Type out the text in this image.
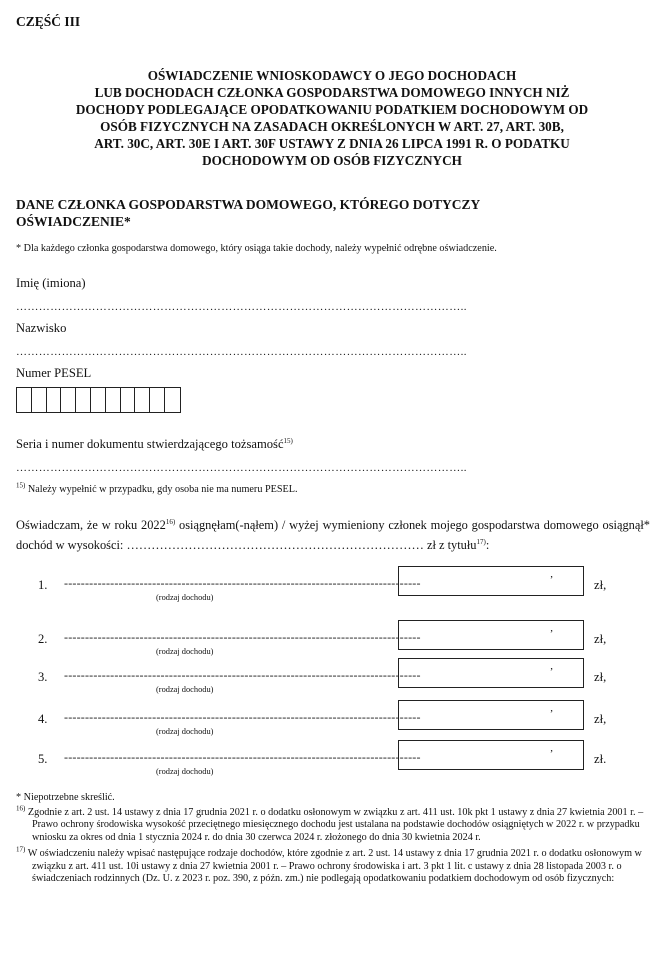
CZĘŚĆ III
OŚWIADCZENIE WNIOSKODAWCY O JEGO DOCHODACH
LUB DOCHODACH CZŁONKA GOSPODARSTWA DOMOWEGO INNYCH NIŻ
DOCHODY PODLEGAJĄCE OPODATKOWANIU PODATKIEM DOCHODOWYM OD
OSÓB FIZYCZNYCH NA ZASADACH OKREŚLONYCH W ART. 27, ART. 30B,
ART. 30C, ART. 30E I ART. 30F USTAWY Z DNIA 26 LIPCA 1991 R. O PODATKU
DOCHODOWYM OD OSÓB FIZYCZNYCH
DANE CZŁONKA GOSPODARSTWA DOMOWEGO, KTÓREGO DOTYCZY
OŚWIADCZENIE*
* Dla każdego członka gospodarstwa domowego, który osiąga takie dochody, należy wypełnić odrębne oświadczenie.
Imię (imiona)
………………………………………………………………………………………………………..
Nazwisko
………………………………………………………………………………………………………..
Numer PESEL
Seria i numer dokumentu stwierdzającego tożsamość$^{15)}$
………………………………………………………………………………………………………..
$^{15)}$ Należy wypełnić w przypadku, gdy osoba nie ma numeru PESEL.
Oświadczam, że w roku 2022$^{16)}$ osiągnęłam(-nąłem) / wyżej wymieniony członek mojego gospodarstwa domowego osiągnął* dochód w wysokości: ……………………………………………………………… zł z tytułu$^{17)}$:
1. -------------------------------------------------------------------------------------
(rodzaj dochodu)
,
zł,
2. -------------------------------------------------------------------------------------
(rodzaj dochodu)
,
zł,
3. -------------------------------------------------------------------------------------
(rodzaj dochodu)
,
zł,
4. -------------------------------------------------------------------------------------
(rodzaj dochodu)
,
zł,
5. -------------------------------------------------------------------------------------
(rodzaj dochodu)
,
zł.
* Niepotrzebne skreślić.
$^{16)}$ Zgodnie z art. 2 ust. 14 ustawy z dnia 17 grudnia 2021 r. o dodatku osłonowym w związku z art. 411 ust. 10k pkt 1 ustawy z dnia 27 kwietnia 2001 r. – Prawo ochrony środowiska wysokość przeciętnego miesięcznego dochodu jest ustalana na podstawie dochodów osiągniętych w 2022 r. w przypadku wniosku za okres od dnia 1 stycznia 2024 r. do dnia 30 czerwca 2024 r. złożonego do dnia 30 kwietnia 2024 r.
$^{17)}$ W oświadczeniu należy wpisać następujące rodzaje dochodów, które zgodnie z art. 2 ust. 14 ustawy z dnia 17 grudnia 2021 r. o dodatku osłonowym w związku z art. 411 ust. 10i ustawy z dnia 27 kwietnia 2001 r. – Prawo ochrony środowiska i art. 3 pkt 1 lit. c ustawy z dnia 28 listopada 2003 r. o świadczeniach rodzinnych (Dz. U. z 2023 r. poz. 390, z późn. zm.) nie podlegają opodatkowaniu podatkiem dochodowym od osób fizycznych:
